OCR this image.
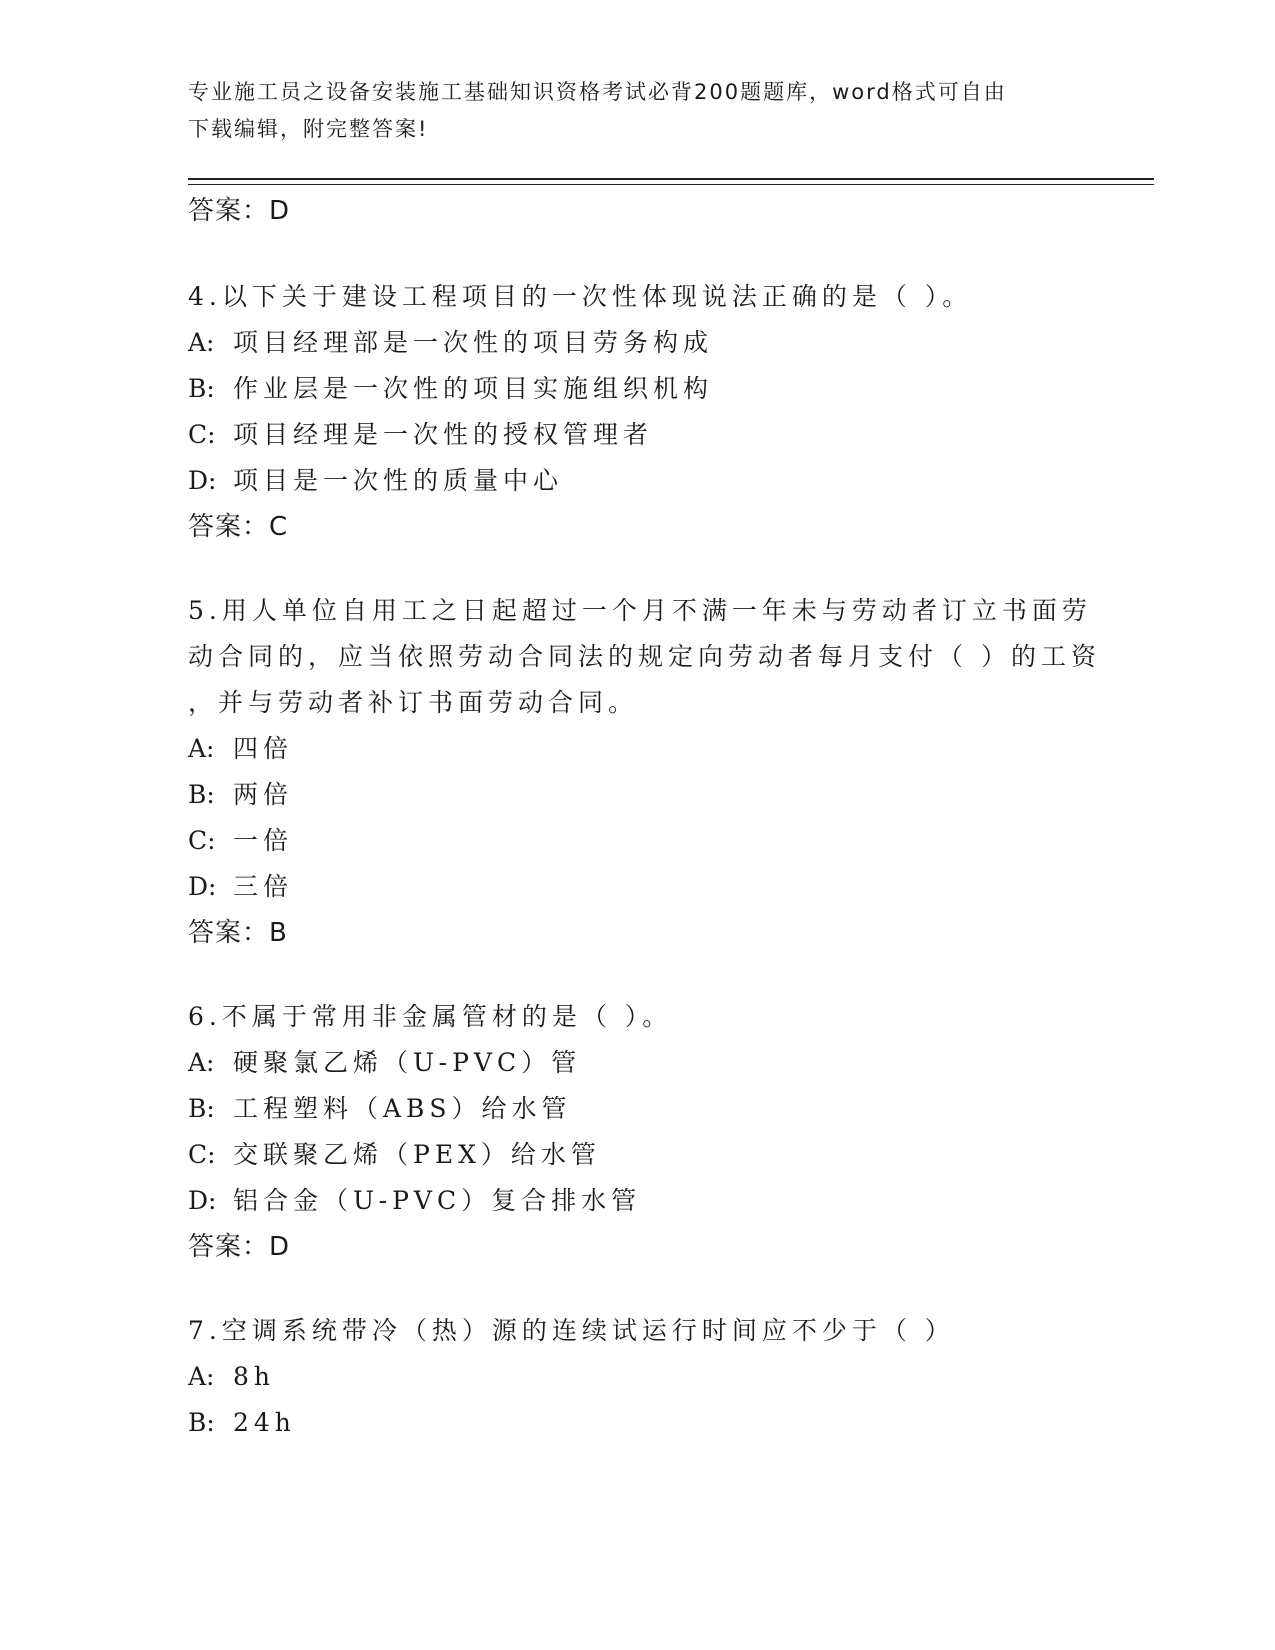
专业施工员之设备安装施工基础知识资格考试必背200题题库，word格式可自由
下载编辑，附完整答案!
答案：D
4.以下关于建设工程项目的一次性体现说法正确的是（ ）。
A: 项目经理部是一次性的项目劳务构成
B: 作业层是一次性的项目实施组织机构
C: 项目经理是一次性的授权管理者
D: 项目是一次性的质量中心
答案：C
5.用人单位自用工之日起超过一个月不满一年未与劳动者订立书面劳
动合同的，应当依照劳动合同法的规定向劳动者每月支付（ ）的工资
，并与劳动者补订书面劳动合同。
A: 四倍
B: 两倍
C: 一倍
D: 三倍
答案：B
6.不属于常用非金属管材的是（ ）。
A: 硬聚氯乙烯（U-PVC）管
B: 工程塑料（ABS）给水管
C: 交联聚乙烯（PEX）给水管
D: 铝合金（U-PVC）复合排水管
答案：D
7.空调系统带冷（热）源的连续试运行时间应不少于（ ）
A: 8h
B: 24h
